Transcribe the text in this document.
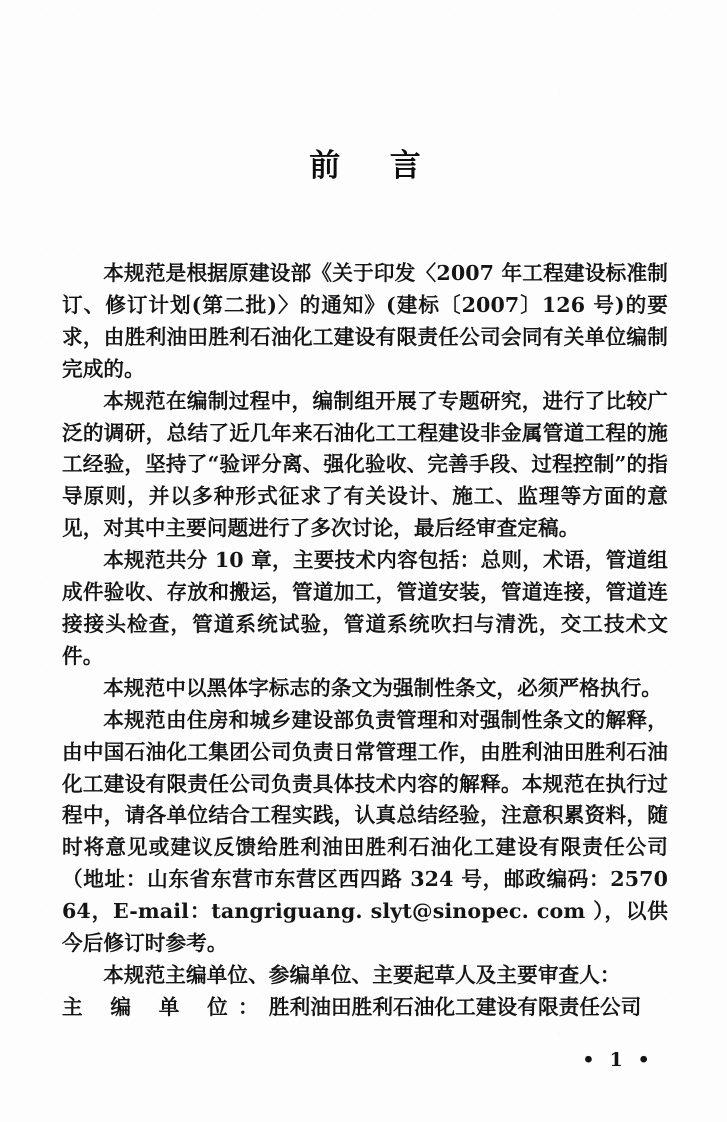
前　言

本规范是根据原建设部《关于印发〈2007 年工程建设标准制订、修订计划(第二批)〉的通知》(建标〔2007〕126 号)的要求，由胜利油田胜利石油化工建设有限责任公司会同有关单位编制完成的。

本规范在编制过程中，编制组开展了专题研究，进行了比较广泛的调研，总结了近几年来石油化工工程建设非金属管道工程的施工经验，坚持了“验评分离、强化验收、完善手段、过程控制”的指导原则，并以多种形式征求了有关设计、施工、监理等方面的意见，对其中主要问题进行了多次讨论，最后经审查定稿。

本规范共分 10 章，主要技术内容包括：总则，术语，管道组成件验收、存放和搬运，管道加工，管道安装，管道连接，管道连接接头检查，管道系统试验，管道系统吹扫与清洗，交工技术文件。

本规范中以黑体字标志的条文为强制性条文，必须严格执行。

本规范由住房和城乡建设部负责管理和对强制性条文的解释，由中国石油化工集团公司负责日常管理工作，由胜利油田胜利石油化工建设有限责任公司负责具体技术内容的解释。本规范在执行过程中，请各单位结合工程实践，认真总结经验，注意积累资料，随时将意见或建议反馈给胜利油田胜利石油化工建设有限责任公司（地址：山东省东营市东营区西四路 324 号，邮政编码：257064，E-mail：tangriguang. slyt@sinopec. com ），以供今后修订时参考。

本规范主编单位、参编单位、主要起草人及主要审查人：

主 编 单 位：胜利油田胜利石油化工建设有限责任公司

• 1 •
